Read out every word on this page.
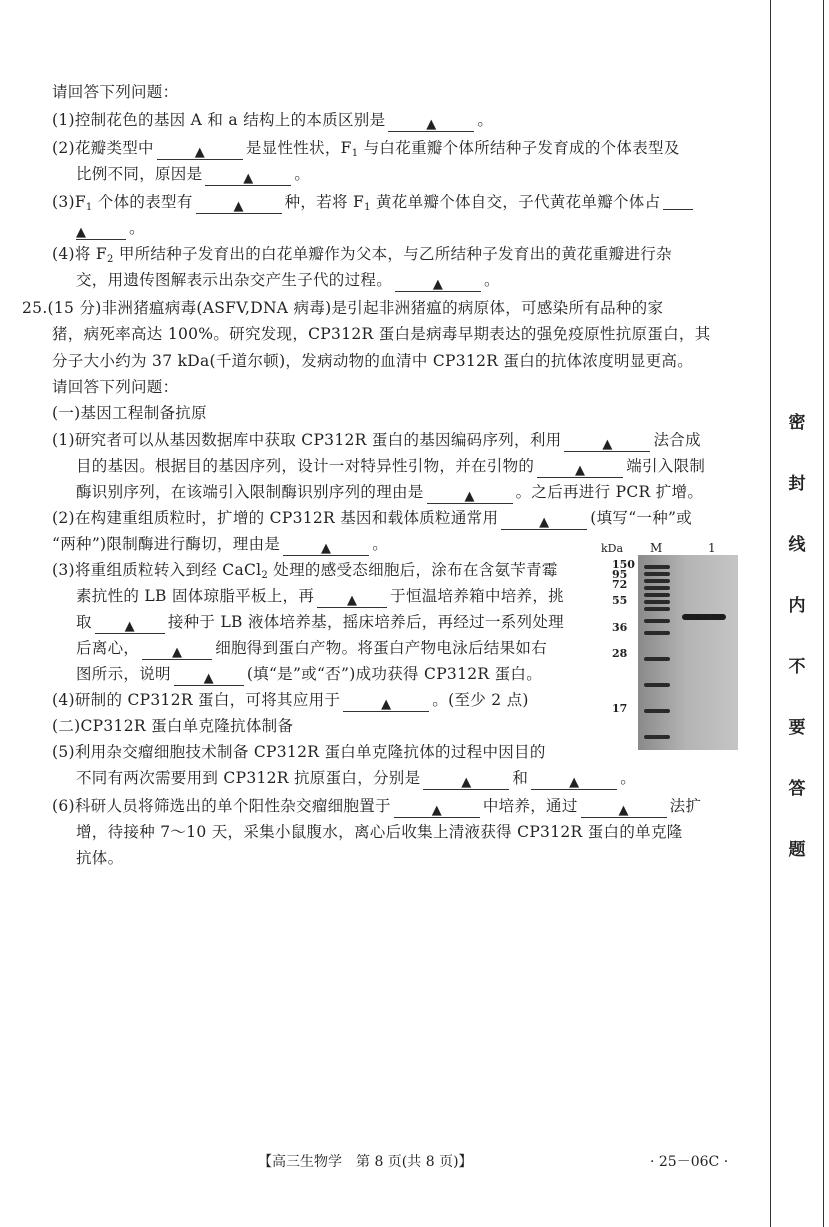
请回答下列问题：
(1)控制花色的基因 A 和 a 结构上的本质区别是	▲	。
(2)花瓣类型中	▲	是显性性状，$F_1$ 与白花重瓣个体所结种子发育成的个体表型及
比例不同，原因是	▲	。
$(3)F_1$ 个体的表型有	▲	种，若将 $F_1$ 黄花单瓣个体自交，子代黄花单瓣个体占
▲	。
(4)将 $F_2$ 甲所结种子发育出的白花单瓣作为父本，与乙所结种子发育出的黄花重瓣进行杂
交，用遗传图解表示出杂交产生子代的过程。	▲	。
25.(15 分)非洲猪瘟病毒(ASFV,DNA 病毒)是引起非洲猪瘟的病原体，可感染所有品种的家
猪，病死率高达 100%。研究发现，CP312R 蛋白是病毒早期表达的强免疫原性抗原蛋白，其
分子大小约为 37 kDa(千道尔顿)，发病动物的血清中 CP312R 蛋白的抗体浓度明显更高。
请回答下列问题：
(一)基因工程制备抗原
(1)研究者可以从基因数据库中获取 CP312R 蛋白的基因编码序列，利用	▲	法合成
目的基因。根据目的基因序列，设计一对特异性引物，并在引物的	▲	端引入限制
酶识别序列，在该端引入限制酶识别序列的理由是	▲	。之后再进行 PCR 扩增。
(2)在构建重组质粒时，扩增的 CP312R 基因和载体质粒通常用	▲	(填写“一种”或
“两种”)限制酶进行酶切，理由是	▲	。
(3)将重组质粒转入到经 CaCl$_2$ 处理的感受态细胞后，涂布在含氨苄青霉
素抗性的 LB 固体琼脂平板上，再	▲ 于恒温培养箱中培养，挑
取	▲ 接种于 LB 液体培养基，摇床培养后，再经过一系列处理
后离心，	▲ 细胞得到蛋白产物。将蛋白产物电泳后结果如右
图所示，说明	▲ (填“是”或“否”)成功获得 CP312R 蛋白。
(4)研制的 CP312R 蛋白，可将其应用于	▲	。(至少 2 点)
(二)CP312R 蛋白单克隆抗体制备
(5)利用杂交瘤细胞技术制备 CP312R 蛋白单克隆抗体的过程中因目的
不同有两次需要用到 CP312R 抗原蛋白，分别是	▲	和	▲	。
(6)科研人员将筛选出的单个阳性杂交瘤细胞置于	▲	中培养，通过	▲	法扩
增，待接种 7～10 天，采集小鼠腹水，离心后收集上清液获得 CP312R 蛋白的单克隆
抗体。
kDa M	1
150
95
72
55
36
28
17
密
封
线
内
不
要
答
题
【高三生物学　第 8 页(共 8 页)】	· 25－06C ·
